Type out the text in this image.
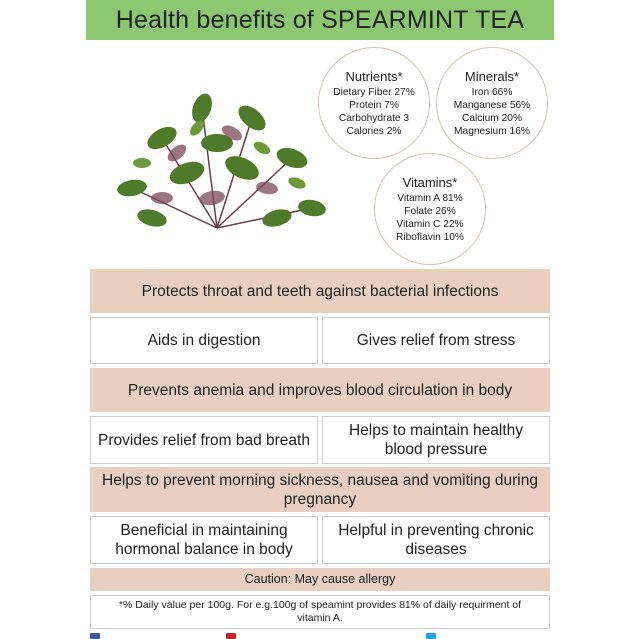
Health benefits of SPEARMINT TEA
Nutrients*
Dietary Fiber 27%
Protein 7%
Carbohydrate 3
Calories 2%
Minerals*
Iron 66%
Manganese 56%
Calcium 20%
Magnesium 16%
Vitamins*
Vitamin A 81%
Folate 26%
Vitamin C 22%
Riboflavin 10%
Protects throat and teeth against bacterial infections
Aids in digestion	Gives relief from stress
Prevents anemia and improves blood circulation in body
Provides relief from bad breath
Helps to maintain healthy blood pressure
Helps to prevent morning sickness, nausea and vomiting during pregnancy
Beneficial in maintaining hormonal balance in body
Helpful in preventing chronic diseases
Caution: May cause allergy
*% Daily value per 100g. For e.g.100g of speamint provides 81% of daily requirment of vitamin A.
